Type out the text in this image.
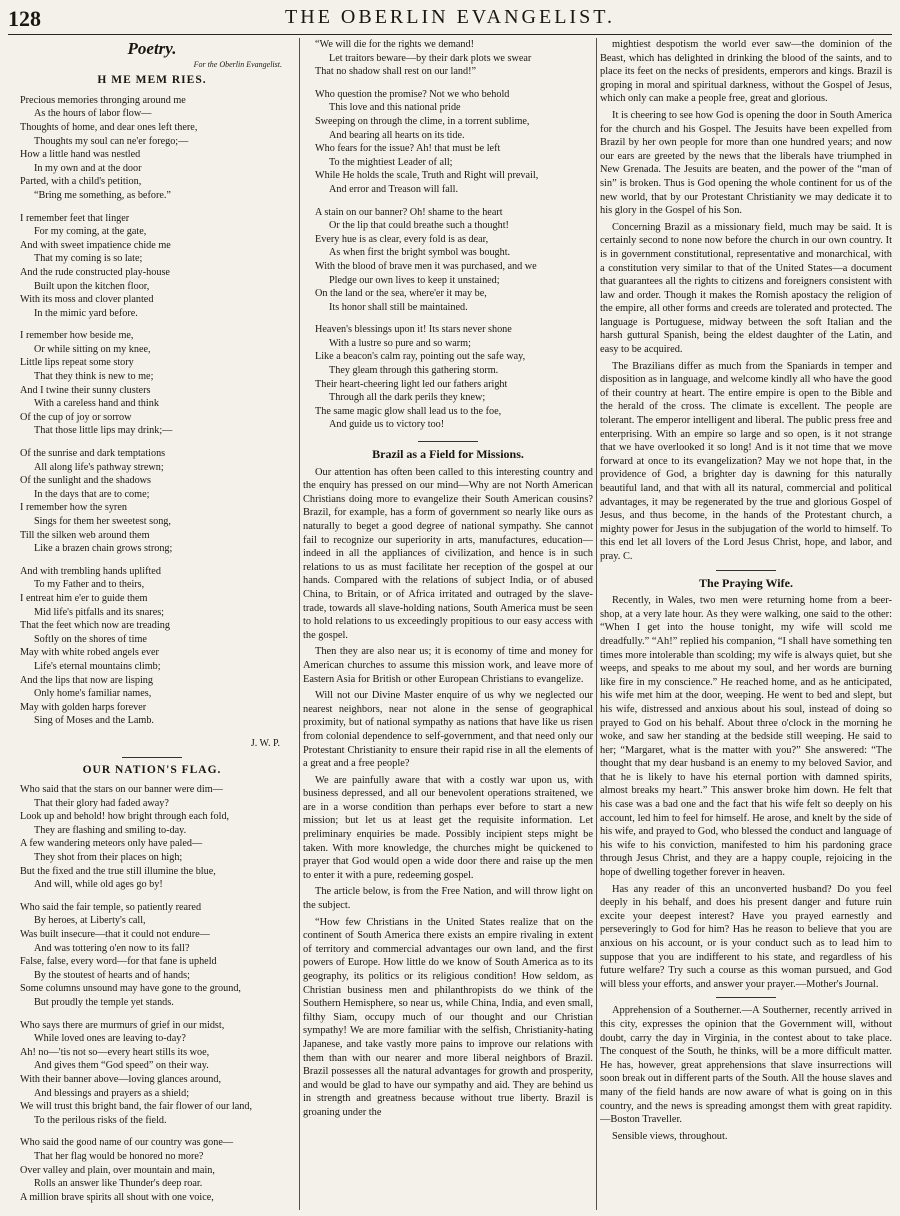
128	THE OBERLIN EVANGELIST.
Poetry.
For the Oberlin Evangelist.
H ME MEM RIES.
Precious memories thronging around me
As the hours of labor flow—
Thoughts of home, and dear ones left there,
Thoughts my soul can ne'er forego;—
How a little hand was nestled
In my own and at the door
Parted, with a child's petition,
“Bring me something, as before.”
I remember feet that linger
For my coming, at the gate,
And with sweet impatience chide me
That my coming is so late;
And the rude constructed play-house
Built upon the kitchen floor,
With its moss and clover planted
In the mimic yard before.
I remember how beside me,
Or while sitting on my knee,
Little lips repeat some story
That they think is new to me;
And I twine their sunny clusters
With a careless hand and think
Of the cup of joy or sorrow
That those little lips may drink;—
Of the sunrise and dark temptations
All along life's pathway strewn;
Of the sunlight and the shadows
In the days that are to come;
I remember how the syren
Sings for them her sweetest song,
Till the silken web around them
Like a brazen chain grows strong;
And with trembling hands uplifted
To my Father and to theirs,
I entreat him e'er to guide them
Mid life's pitfalls and its snares;
That the feet which now are treading
Softly on the shores of time
May with white robed angels ever
Life's eternal mountains climb;
And the lips that now are lisping
Only home's familiar names,
May with golden harps forever
Sing of Moses and the Lamb.
J. W. P.
OUR NATION'S FLAG.
Who said that the stars on our banner were dim—
That their glory had faded away?
Look up and behold! how bright through each fold,
They are flashing and smiling to-day.
A few wandering meteors only have paled—
They shot from their places on high;
But the fixed and the true still illumine the blue,
And will, while old ages go by!
Who said the fair temple, so patiently reared
By heroes, at Liberty's call,
Was built insecure—that it could not endure—
And was tottering o'en now to its fall?
False, false, every word—for that fane is upheld
By the stoutest of hearts and of hands;
Some columns unsound may have gone to the ground,
But proudly the temple yet stands.
Who says there are murmurs of grief in our midst,
While loved ones are leaving to-day?
Ah! no—'tis not so—every heart stills its woe,
And gives them “God speed” on their way.
With their banner above—loving glances around,
And blessings and prayers as a shield;
We will trust this bright band, the fair flower of our land,
To the perilous risks of the field.
Who said the good name of our country was gone—
That her flag would be honored no more?
Over valley and plain, over mountain and main,
Rolls an answer like Thunder's deep roar.
A million brave spirits all shout with one voice,
“We will die for the rights we demand!
Let traitors beware—by their dark plots we swear
That no shadow shall rest on our land!”
Who question the promise? Not we who behold
This love and this national pride
Sweeping on through the clime, in a torrent sublime,
And bearing all hearts on its tide.
Who fears for the issue? Ah! that must be left
To the mightiest Leader of all;
While He holds the scale, Truth and Right will prevail,
And error and Treason will fall.
A stain on our banner? Oh! shame to the heart
Or the lip that could breathe such a thought!
Every hue is as clear, every fold is as dear,
As when first the bright symbol was bought.
With the blood of brave men it was purchased, and we
Pledge our own lives to keep it unstained;
On the land or the sea, where'er it may be,
Its honor shall still be maintained.
Heaven's blessings upon it! Its stars never shone
With a lustre so pure and so warm;
Like a beacon's calm ray, pointing out the safe way,
They gleam through this gathering storm.
Their heart-cheering light led our fathers aright
Through all the dark perils they knew;
The same magic glow shall lead us to the foe,
And guide us to victory too!
Brazil as a Field for Missions.

Our attention has often been called to this interesting country and the enquiry has pressed on our mind—Why are not North American Christians doing more to evangelize their South American cousins? Brazil, for example, has a form of government so nearly like ours as naturally to beget a good degree of national sympathy. She cannot fail to recognize our superiority in arts, manufactures, education—indeed in all the appliances of civilization, and hence is in such relations to us as must facilitate her reception of the gospel at our hands. Compared with the relations of subject India, or of abused China, to Britain, or of Africa irritated and outraged by the slave-trade, towards all slave-holding nations, South America must be seen to hold relations to us exceedingly propitious to our easy access with the gospel.

Then they are also near us; it is economy of time and money for American churches to assume this mission work, and leave more of Eastern Asia for British or other European Christians to evangelize.

Will not our Divine Master enquire of us why we neglected our nearest neighbors, near not alone in the sense of geographical proximity, but of national sympathy as nations that have like us risen from colonial dependence to self-government, and that need only our Protestant Christianity to ensure their rapid rise in all the elements of a great and a free people?

We are painfully aware that with a costly war upon us, with business depressed, and all our benevolent operations straitened, we are in a worse condition than perhaps ever before to start a new mission; but let us at least get the requisite information. Let preliminary enquiries be made. Possibly incipient steps might be taken. With more knowledge, the churches might be quickened to prayer that God would open a wide door there and raise up the men to enter it with a pure, redeeming gospel.

The article below, is from the Free Nation, and will throw light on the subject.

“How few Christians in the United States realize that on the continent of South America there exists an empire rivaling in extent of territory and commercial advantages our own land, and the first powers of Europe. How little do we know of South America as to its geography, its politics or its religious condition! How seldom, as Christian business men and philanthropists do we think of the Southern Hemisphere, so near us, while China, India, and even small, filthy Siam, occupy much of our thought and our Christian sympathy! We are more familiar with the selfish, Christianity-hating Japanese, and take vastly more pains to improve our relations with them than with our nearer and more liberal neighbors of Brazil. Brazil possesses all the natural advantages for growth and prosperity, and would be glad to have our sympathy and aid. They are behind us in strength and greatness because without true liberty. Brazil is groaning under the

mightiest despotism the world ever saw—the dominion of the Beast, which has delighted in drinking the blood of the saints, and to place its feet on the necks of presidents, emperors and kings. Brazil is groping in moral and spiritual darkness, without the Gospel of Jesus, which only can make a people free, great and glorious.

It is cheering to see how God is opening the door in South America for the church and his Gospel. The Jesuits have been expelled from Brazil by her own people for more than one hundred years; and now our ears are greeted by the news that the liberals have triumphed in New Grenada. The Jesuits are beaten, and the power of the “man of sin” is broken. Thus is God opening the whole continent for us of the new world, that by our Protestant Christianity we may dedicate it to his glory in the Gospel of his Son.

Concerning Brazil as a missionary field, much may be said. It is certainly second to none now before the church in our own country. It is in government constitutional, representative and monarchical, with a constitution very similar to that of the United States—a document that guarantees all the rights to citizens and foreigners consistent with law and order. Though it makes the Romish apostacy the religion of the empire, all other forms and creeds are tolerated and protected. The language is Portuguese, midway between the soft Italian and the harsh guttural Spanish, being the eldest daughter of the Latin, and easy to be acquired.

The Brazilians differ as much from the Spaniards in temper and disposition as in language, and welcome kindly all who have the good of their country at heart. The entire empire is open to the Bible and the herald of the cross. The climate is excellent. The people are tolerant. The emperor intelligent and liberal. The public press free and enterprising. With an empire so large and so open, is it not strange that we have overlooked it so long! And is it not time that we move forward at once to its evangelization? May we not hope that, in the providence of God, a brighter day is dawning for this naturally beautiful land, and that with all its natural, commercial and political advantages, it may be regenerated by the true and glorious Gospel of Jesus, and thus become, in the hands of the Protestant church, a mighty power for Jesus in the subjugation of the world to himself. To this end let all lovers of the Lord Jesus Christ, hope, and labor, and pray. C.

The Praying Wife.

Recently, in Wales, two men were returning home from a beer-shop, at a very late hour. As they were walking, one said to the other: “When I get into the house tonight, my wife will scold me dreadfully.” “Ah!” replied his companion, “I shall have something ten times more intolerable than scolding; my wife is always quiet, but she weeps, and speaks to me about my soul, and her words are burning like fire in my conscience.” He reached home, and as he anticipated, his wife met him at the door, weeping. He went to bed and slept, but his wife, distressed and anxious about his soul, instead of doing so prayed to God on his behalf. About three o'clock in the morning he woke, and saw her standing at the bedside still weeping. He said to her; “Margaret, what is the matter with you?” She answered: “The thought that my dear husband is an enemy to my beloved Savior, and that he is likely to have his eternal portion with damned spirits, almost breaks my heart.” This answer broke him down. He felt that his case was a bad one and the fact that his wife felt so deeply on his account, led him to feel for himself. He arose, and knelt by the side of his wife, and prayed to God, who blessed the conduct and language of his wife to his conviction, manifested to him his pardoning grace through Jesus Christ, and they are a happy couple, rejoicing in the hope of dwelling together forever in heaven.

Has any reader of this an unconverted husband? Do you feel deeply in his behalf, and does his present danger and future ruin excite your deepest interest? Have you prayed earnestly and perseveringly to God for him? Has he reason to believe that you are anxious on his account, or is your conduct such as to lead him to suppose that you are indifferent to his state, and regardless of his future welfare? Try such a course as this woman pursued, and God will bless your efforts, and answer your prayer.—Mother's Journal.

Apprehension of a Southerner.—A Southerner, recently arrived in this city, expresses the opinion that the Government will, without doubt, carry the day in Virginia, in the contest about to take place. The conquest of the South, he thinks, will be a more difficult matter. He has, however, great apprehensions that slave insurrections will soon break out in different parts of the South. All the house slaves and many of the field hands are now aware of what is going on in this country, and the news is spreading amongst them with great rapidity.—Boston Traveller.

Sensible views, throughout.
